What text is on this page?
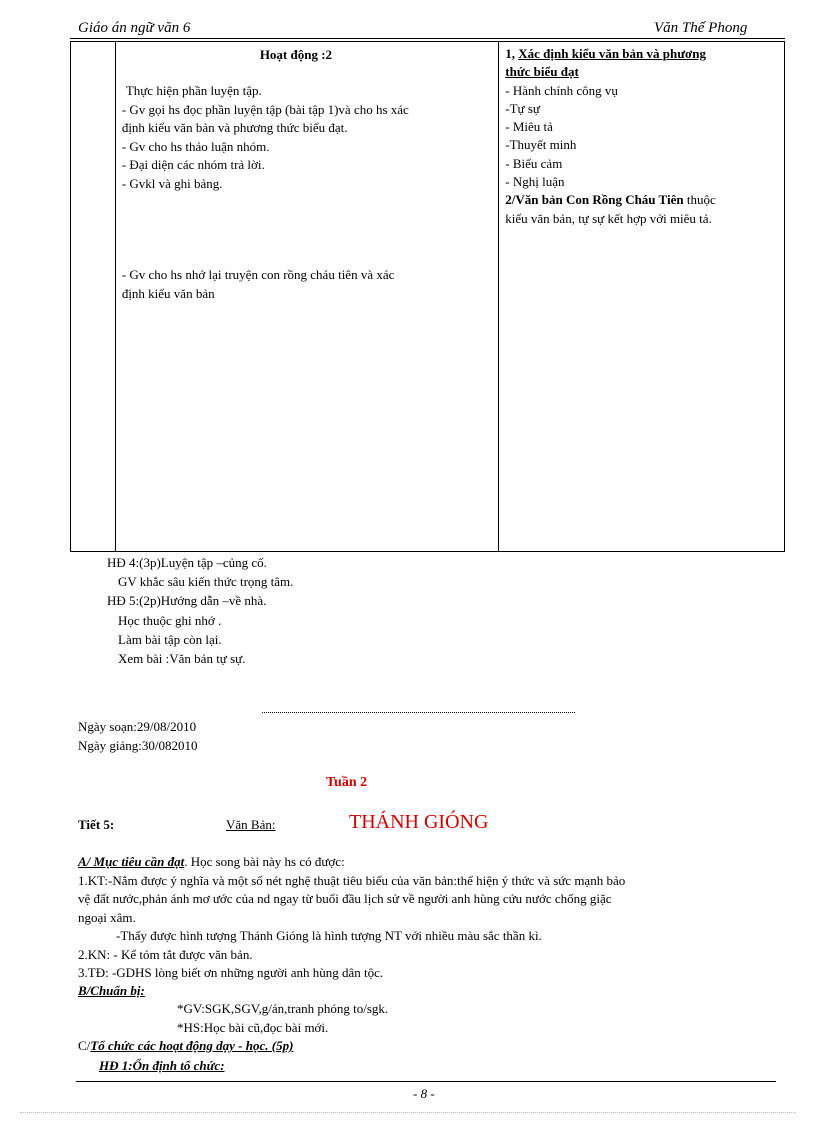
Giáo án ngữ văn 6	Văn Thế Phong

Hoạt động :2
Thực hiện phần luyện tập.
- Gv gọi hs đọc phần luyện tập (bài tập 1)và cho hs xác
định kiểu văn bản và phương thức biểu đạt.
- Gv cho hs thảo luận nhóm.
- Đại diện các nhóm trả lời.
- Gvkl và ghi bảng.
- Gv cho hs nhớ lại truyện con rồng cháu tiên và xác
định kiểu văn bản

1, Xác định kiểu văn bản và phương
thức biểu đạt
- Hành chính công vụ
-Tự sự
- Miêu tả
-Thuyết minh
- Biểu cảm
- Nghị luận
2/Văn bản Con Rồng Cháu Tiên thuộc
kiểu văn bản, tự sự kết hợp với miêu tả.
HĐ 4:(3p)Luyện tập –củng cố.
GV khắc sâu kiến thức trọng tâm.
HĐ 5:(2p)Hướng dẫn –về nhà.
Học thuộc ghi nhớ .
Làm bài tập còn lại.
Xem bài :Văn bản tự sự.
Ngày soạn:29/08/2010
Ngày giảng:30/082010
Tuần 2
Tiết 5:	Văn Bản:	THÁNH GIÓNG
A/ Mục tiêu cần đạt. Học song bài này hs có được:
1.KT:-Nắm được ý nghĩa và một số nét nghệ thuật tiêu biểu của văn bản:thể hiện ý thức và sức mạnh bảo
vệ đất nước,phản ánh mơ ước của nd ngay từ buổi đầu lịch sử về người anh hùng cứu nước chống giặc
ngoại xâm.
-Thấy được hình tượng Thánh Gióng là hình tượng NT với nhiều màu sắc thần kì.
2.KN: - Kể tóm tắt được văn bản.
3.TĐ: -GDHS lòng biết ơn những người anh hùng dân tộc.
B/Chuẩn bị:
*GV:SGK,SGV,g/án,tranh phóng to/sgk.
*HS:Học bài cũ,đọc bài mới.
C/Tổ chức các hoạt động dạy - học. (5p)
HĐ 1:Ổn định tổ chức:
- 8 -
